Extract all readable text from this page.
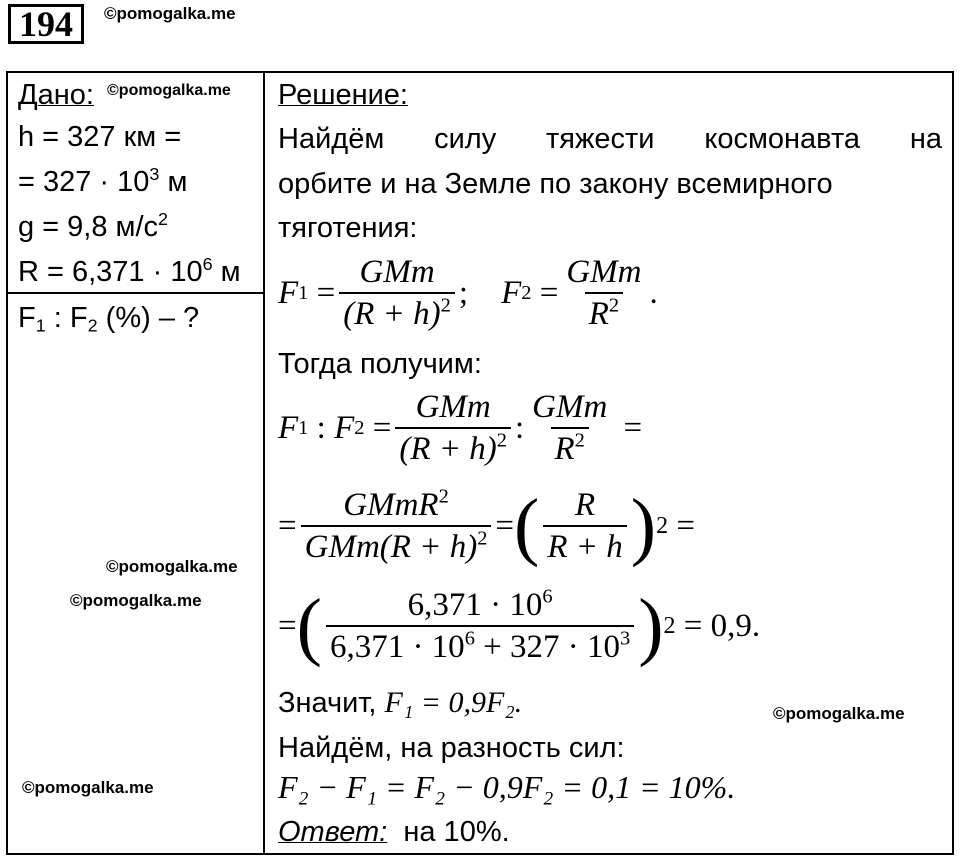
194	©pomogalka.me
©pomogalka.me
©pomogalka.me
©pomogalka.me
©pomogalka.me
©pomogalka.me
Дано:
h = 327 км =
= $327 \cdot 10^3$ м
g = 9,8 $м/с^2$
$R = 6,371 \cdot 10^6$ м
$F_1$ : $F_2$ (%) – ?
Решение:
Найдём силу тяжести космонавта на
орбите и на Земле по закону всемирного
тяготения:
F $1 = \frac{\text{GMm}}{(R + h)^2}$ ; F $2 = \frac{\text{GMm}}{R^2}$ .
Тогда получим:
F 1 : F $2 = \frac{\text{GMm}}{(R + h)^2}$ : $\frac{\text{GMm}}{R^2}$ =
= $\frac{GMmR^2}{GMm(R + h)^2}$ = ( $\frac{R}{R + h}$ ) 2 =
= ( $\frac{6,371 \cdot 10^6}{6,371 \cdot 10^6 + 327 \cdot 10^3}$ ) 2
= 0,9.
Значит, F₁ = 0,9F₂.
Найдём, на разность сил:
F₂ − F₁ = F₂ − 0,9F₂ = 0,1 = 10%.
Ответ: на 10%.
